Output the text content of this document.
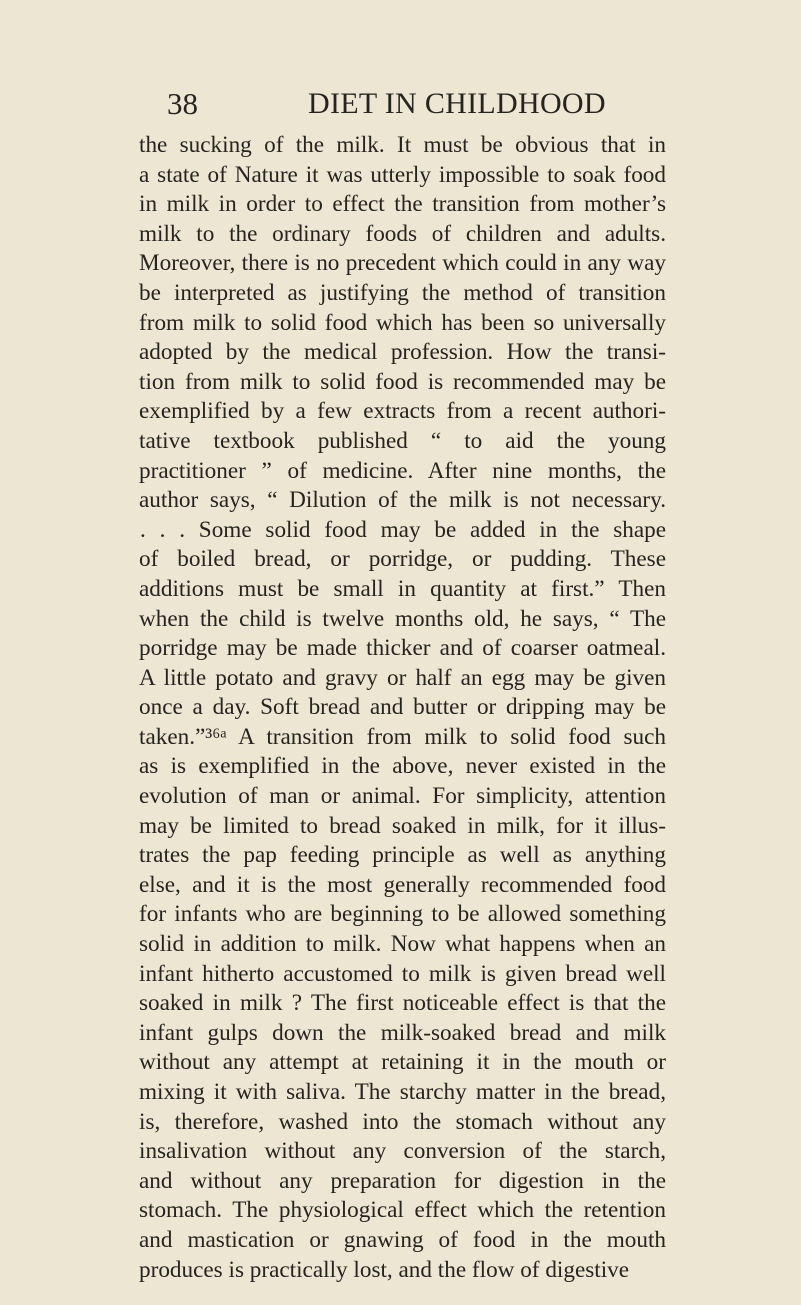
38	DIET IN CHILDHOOD
the sucking of the milk. It must be obvious that in
a state of Nature it was utterly impossible to soak food
in milk in order to effect the transition from mother’s
milk to the ordinary foods of children and adults.
Moreover, there is no precedent which could in any way
be interpreted as justifying the method of transition
from milk to solid food which has been so universally
adopted by the medical profession. How the transi-
tion from milk to solid food is recommended may be
exemplified by a few extracts from a recent authori-
tative textbook published “ to aid the young
practitioner ” of medicine. After nine months, the
author says, “ Dilution of the milk is not necessary.
. . . Some solid food may be added in the shape
of boiled bread, or porridge, or pudding. These
additions must be small in quantity at first.” Then
when the child is twelve months old, he says, “ The
porridge may be made thicker and of coarser oatmeal.
A little potato and gravy or half an egg may be given
once a day. Soft bread and butter or dripping may be
taken.”³⁶ᵃ A transition from milk to solid food such
as is exemplified in the above, never existed in the
evolution of man or animal. For simplicity, attention
may be limited to bread soaked in milk, for it illus-
trates the pap feeding principle as well as anything
else, and it is the most generally recommended food
for infants who are beginning to be allowed something
solid in addition to milk. Now what happens when an
infant hitherto accustomed to milk is given bread well
soaked in milk ? The first noticeable effect is that the
infant gulps down the milk-soaked bread and milk
without any attempt at retaining it in the mouth or
mixing it with saliva. The starchy matter in the bread,
is, therefore, washed into the stomach without any
insalivation without any conversion of the starch,
and without any preparation for digestion in the
stomach. The physiological effect which the retention
and mastication or gnawing of food in the mouth
produces is practically lost, and the flow of digestive
